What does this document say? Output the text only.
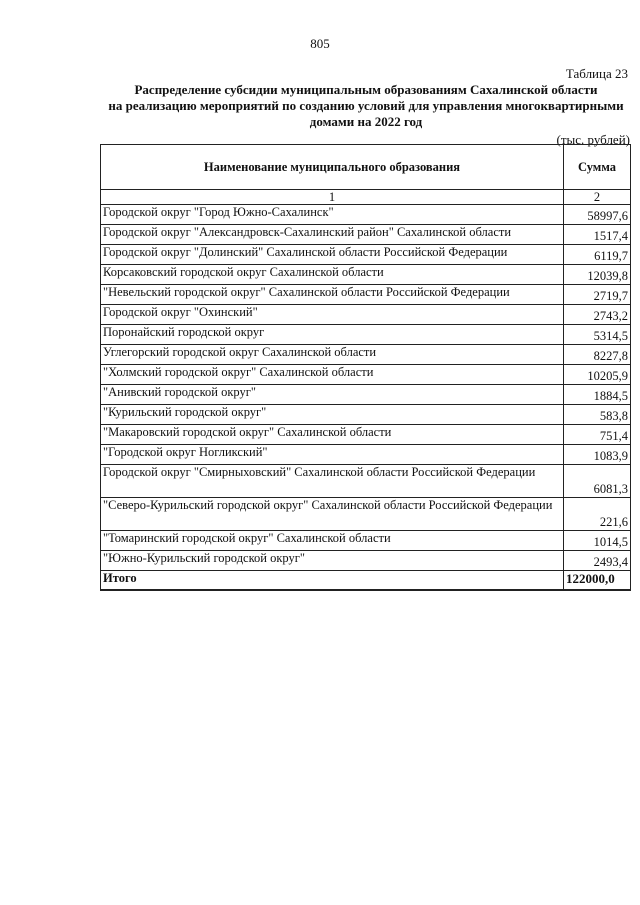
805
Таблица 23
Распределение субсидии муниципальным образованиям Сахалинской области
на реализацию мероприятий по созданию условий для управления многоквартирными
домами на 2022 год
(тыс. рублей)
Наименование муниципального образования	Сумма
1	2
Городской округ "Город Южно-Сахалинск"	58997,6
Городской округ "Александровск-Сахалинский район" Сахалинской области	1517,4
Городской округ "Долинский" Сахалинской области Российской Федерации	6119,7
Корсаковский городской округ Сахалинской области	12039,8
"Невельский городской округ" Сахалинской области Российской Федерации	2719,7
Городской округ "Охинский"	2743,2
Поронайский городской округ	5314,5
Углегорский городской округ Сахалинской области	8227,8
"Холмский городской округ" Сахалинской области	10205,9
"Анивский городской округ"	1884,5
"Курильский городской округ"	583,8
"Макаровский городской округ" Сахалинской области	751,4
"Городской округ Ногликский"	1083,9
Городской округ "Смирныховский" Сахалинской области Российской Федерации	6081,3
"Северо-Курильский городской округ" Сахалинской области Российской Федерации	221,6
"Томаринский городской округ" Сахалинской области	1014,5
"Южно-Курильский городской округ"	2493,4
Итого	122000,0
